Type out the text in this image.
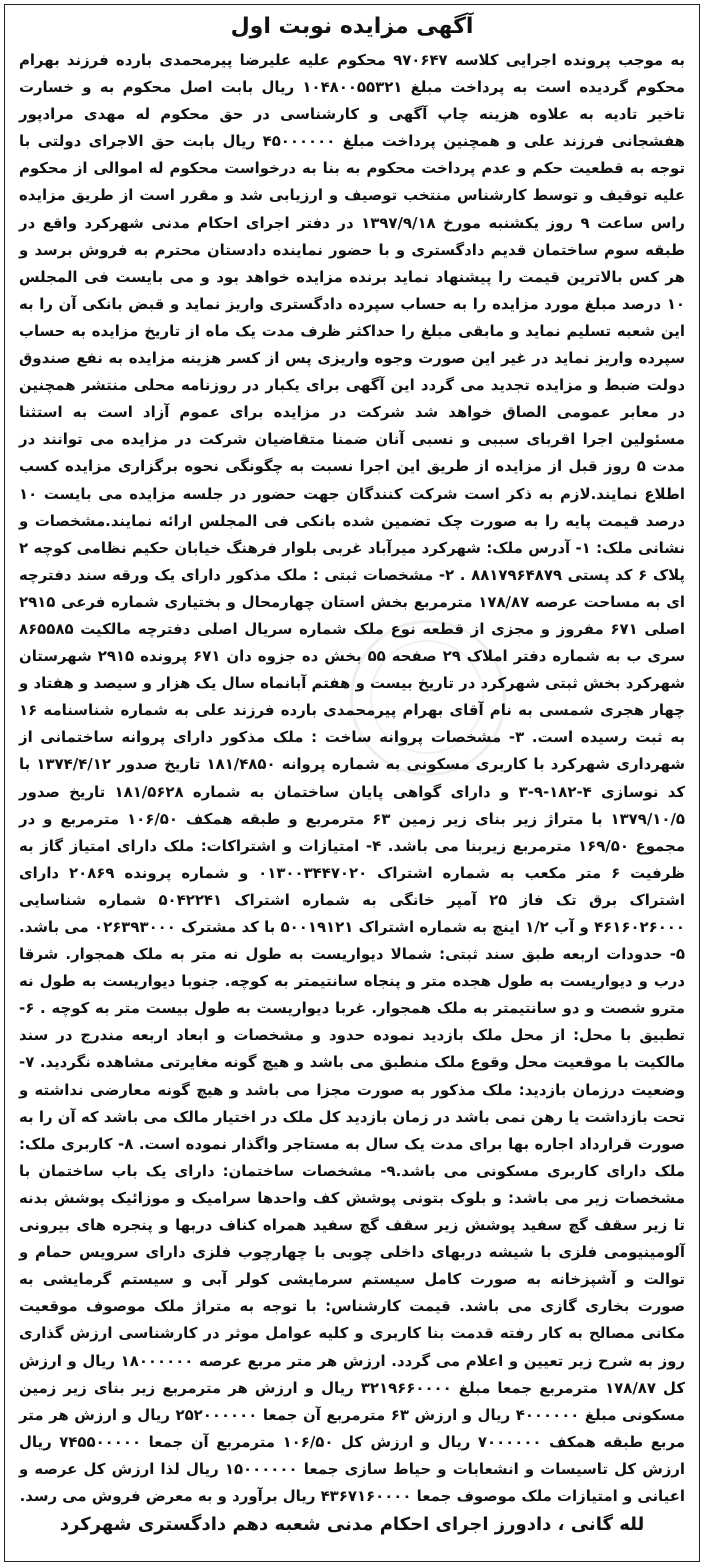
آگهی مزایده نوبت اول

به موجب پرونده اجرایی کلاسه ۹۷۰۶۴۷ محکوم علیه علیرضا پیرمحمدی بارده فرزند بهرام محکوم گردیده است به پرداخت مبلغ ۱۰۴۸۰۰۵۵۳۲۱ ریال بابت اصل محکوم به و خسارت تاخیر تادیه به علاوه هزینه چاپ آگهی و کارشناسی در حق محکوم له مهدی مرادپور هفشجانی فرزند علی و همچنین پرداخت مبلغ ۴۵۰۰۰۰۰۰ ریال بابت حق الاجرای دولتی با توجه به قطعیت حکم و عدم پرداخت محکوم به بنا به درخواست محکوم له اموالی از محکوم علیه توقیف و توسط کارشناس منتخب توصیف و ارزیابی شد و مقرر است از طریق مزایده راس ساعت ۹ روز یکشنبه مورخ ۱۳۹۷/۹/۱۸ در دفتر اجرای احکام مدنی شهرکرد واقع در طبقه سوم ساختمان قدیم دادگستری و با حضور نماینده دادستان محترم به فروش برسد و هر کس بالاترین قیمت را پیشنهاد نماید برنده مزایده خواهد بود و می بایست فی المجلس ۱۰ درصد مبلغ مورد مزایده را به حساب سپرده دادگستری واریز نماید و قبض بانکی آن را به این شعبه تسلیم نماید و مابقی مبلغ را حداکثر ظرف مدت یک ماه از تاریخ مزایده به حساب سپرده واریز نماید در غیر این صورت وجوه واریزی پس از کسر هزینه مزایده به نفع صندوق دولت ضبط و مزایده تجدید می گردد این آگهی برای یکبار در روزنامه محلی منتشر همچنین در معابر عمومی الصاق خواهد شد شرکت در مزایده برای عموم آزاد است به استثنا مسئولین اجرا اقربای سببی و نسبی آنان ضمنا متقاضیان شرکت در مزایده می توانند در مدت ۵ روز قبل از مزایده از طریق این اجرا نسبت به چگونگی نحوه برگزاری مزایده کسب اطلاع نمایند.لازم به ذکر است شرکت کنندگان جهت حضور در جلسه مزایده می بایست ۱۰ درصد قیمت پایه را به صورت چک تضمین شده بانکی فی المجلس ارائه نمایند.مشخصات و نشانی ملک: ۱- آدرس ملک: شهرکرد میرآباد غربی بلوار فرهنگ خیابان حکیم نظامی کوچه ۲ پلاک ۶ کد پستی ۸۸۱۷۹۶۴۸۷۹ . ۲- مشخصات ثبتی : ملک مذکور دارای یک ورقه سند دفترچه ای به مساحت عرصه ۱۷۸/۸۷ مترمربع بخش استان چهارمحال و بختیاری شماره فرعی ۲۹۱۵ اصلی ۶۷۱ مفروز و مجزی از قطعه نوع ملک شماره سریال اصلی دفترچه مالکیت ۸۶۵۵۸۵ سری ب به شماره دفتر املاک ۲۹ صفحه ۵۵ بخش ده جزوه دان ۶۷۱ پرونده ۲۹۱۵ شهرستان شهرکرد بخش ثبتی شهرکرد در تاریخ بیست و هفتم آبانماه سال یک هزار و سیصد و هفتاد و چهار هجری شمسی به نام آقای بهرام پیرمحمدی بارده فرزند علی به شماره شناسنامه ۱۶ به ثبت رسیده است. ۳- مشخصات پروانه ساخت : ملک مذکور دارای پروانه ساختمانی از شهرداری شهرکرد با کاربری مسکونی به شماره پروانه ۱۸۱/۴۸۵۰ تاریخ صدور ۱۳۷۴/۴/۱۲ با کد نوسازی ۴-۱۸۲-۹-۳ و دارای گواهی پایان ساختمان به شماره ۱۸۱/۵۶۲۸ تاریخ صدور ۱۳۷۹/۱۰/۵ با متراژ زیر بنای زیر زمین ۶۳ مترمربع و طبقه همکف ۱۰۶/۵۰ مترمربع و در مجموع ۱۶۹/۵۰ مترمربع زیربنا می باشد. ۴- امتیازات و اشتراکات: ملک دارای امتیاز گاز به ظرفیت ۶ متر مکعب به شماره اشتراک ۰۱۳۰۰۳۴۴۷۰۲۰ و شماره پرونده ۲۰۸۶۹ دارای اشتراک برق تک فاز ۲۵ آمپر خانگی به شماره اشتراک ۵۰۴۲۲۴۱ شماره شناسایی ۴۶۱۶۰۲۶۰۰۰ و آب ۱/۲ اینچ به شماره اشتراک ۵۰۰۱۹۱۲۱ با کد مشترک ۰۲۶۳۹۳۰۰۰ می باشد. ۵- حدودات اربعه طبق سند ثبتی: شمالا دیواریست به طول نه متر به ملک همجوار. شرقا درب و دیواریست به طول هجده متر و پنجاه سانتیمتر به کوچه. جنوبا دیواریست به طول نه مترو شصت و دو سانتیمتر به ملک همجوار. غربا دیواریست به طول بیست متر به کوچه . ۶- تطبیق با محل: از محل ملک بازدید نموده حدود و مشخصات و ابعاد اربعه مندرج در سند مالکیت با موقعیت محل وقوع ملک منطبق می باشد و هیچ گونه مغایرتی مشاهده نگردید. ۷- وضعیت درزمان بازدید: ملک مذکور به صورت مجزا می باشد و هیچ گونه معارضی نداشته و تحت بازداشت یا رهن نمی باشد در زمان بازدید کل ملک در اختیار مالک می باشد که آن را به صورت قرارداد اجاره بها برای مدت یک سال به مستاجر واگذار نموده است. ۸- کاربری ملک: ملک دارای کاربری مسکونی می باشد.۹- مشخصات ساختمان: دارای یک باب ساختمان با مشخصات زیر می باشد: و بلوک بتونی پوشش کف واحدها سرامیک و موزائیک پوشش بدنه تا زیر سقف گچ سفید پوشش زیر سقف گچ سفید همراه کناف دربها و پنجره های بیرونی آلومینیومی فلزی با شیشه دربهای داخلی چوبی با چهارچوب فلزی دارای سرویس حمام و توالت و آشپزخانه به صورت کامل سیستم سرمایشی کولر آبی و سیستم گرمایشی به صورت بخاری گازی می باشد. قیمت کارشناس: با توجه به متراژ ملک موصوف موقعیت مکانی مصالح به کار رفته قدمت بنا کاربری و کلیه عوامل موثر در کارشناسی ارزش گذاری روز به شرح زیر تعیین و اعلام می گردد. ارزش هر متر مربع عرصه ۱۸۰۰۰۰۰۰ ریال و ارزش کل ۱۷۸/۸۷ مترمربع جمعا مبلغ ۳۲۱۹۶۶۰۰۰۰ ریال و ارزش هر مترمربع زیر بنای زیر زمین مسکونی مبلغ ۴۰۰۰۰۰۰ ریال و ارزش ۶۳ مترمربع آن جمعا ۲۵۲۰۰۰۰۰۰ ریال و ارزش هر متر مربع طبقه همکف ۷۰۰۰۰۰۰ ریال و ارزش کل ۱۰۶/۵۰ مترمربع آن جمعا ۷۴۵۵۰۰۰۰۰ ریال ارزش کل تاسیسات و انشعابات و حیاط سازی جمعا ۱۵۰۰۰۰۰۰ ریال لذا ارزش کل عرصه و اعیانی و امتیازات ملک موصوف جمعا ۴۳۶۷۱۶۰۰۰۰ ریال برآورد و به معرض فروش می رسد.

لله گانی ، دادورز اجرای احکام مدنی شعبه دهم دادگستری شهرکرد
